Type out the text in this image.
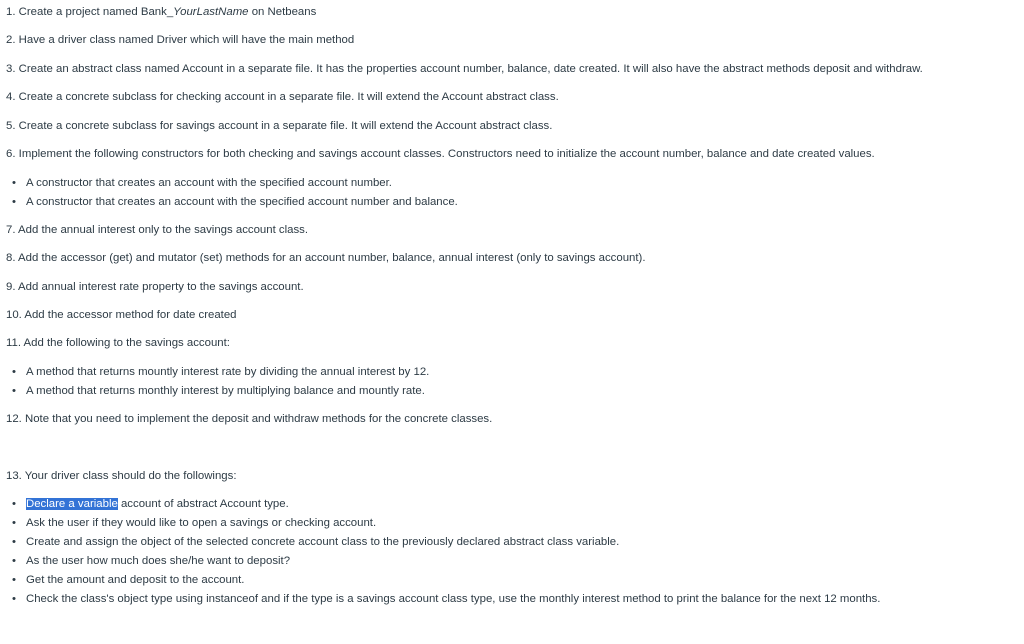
1. Create a project named Bank_YourLastName on Netbeans
2. Have a driver class named Driver which will have the main method
3. Create an abstract class named Account in a separate file. It has the properties account number, balance, date created. It will also have the abstract methods deposit and withdraw.
4. Create a concrete subclass for checking account in a separate file. It will extend the Account abstract class.
5. Create a concrete subclass for savings account in a separate file. It will extend the Account abstract class.
6. Implement the following constructors for both checking and savings account classes. Constructors need to initialize the account number, balance and date created values.
• A constructor that creates an account with the specified account number.
• A constructor that creates an account with the specified account number and balance.
7. Add the annual interest only to the savings account class.
8. Add the accessor (get) and mutator (set) methods for an account number, balance, annual interest (only to savings account).
9. Add annual interest rate property to the savings account.
10. Add the accessor method for date created
11. Add the following to the savings account:
• A method that returns mountly interest rate by dividing the annual interest by 12.
• A method that returns monthly interest by multiplying balance and mountly rate.
12. Note that you need to implement the deposit and withdraw methods for the concrete classes.
13. Your driver class should do the followings:
• Declare a variable account of abstract Account type.
• Ask the user if they would like to open a savings or checking account.
• Create and assign the object of the selected concrete account class to the previously declared abstract class variable.
• As the user how much does she/he want to deposit?
• Get the amount and deposit to the account.
• Check the class's object type using instanceof and if the type is a savings account class type, use the monthly interest method to print the balance for the next 12 months.
